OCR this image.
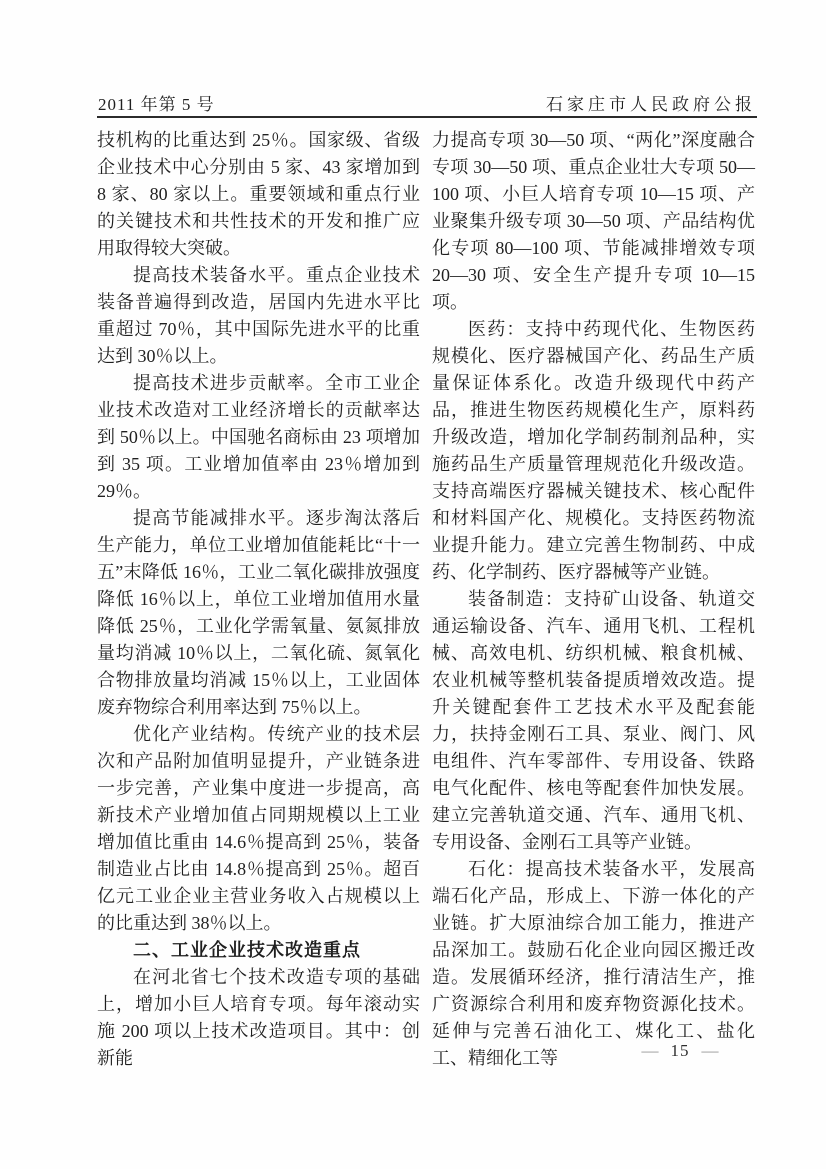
2011 年第 5 号	石家庄市人民政府公报

技机构的比重达到 25％。国家级、省级企业技术中心分别由 5 家、43 家增加到 8 家、80 家以上。重要领域和重点行业的关键技术和共性技术的开发和推广应用取得较大突破。

提高技术装备水平。重点企业技术装备普遍得到改造，居国内先进水平比重超过 70％，其中国际先进水平的比重达到 30％以上。

提高技术进步贡献率。全市工业企业技术改造对工业经济增长的贡献率达到 50％以上。中国驰名商标由 23 项增加到 35 项。工业增加值率由 23％增加到 29％。

提高节能减排水平。逐步淘汰落后生产能力，单位工业增加值能耗比“十一五”末降低 16％，工业二氧化碳排放强度降低 16％以上，单位工业增加值用水量降低 25％，工业化学需氧量、氨氮排放量均消减 10％以上，二氧化硫、氮氧化合物排放量均消减 15％以上，工业固体废弃物综合利用率达到 75％以上。

优化产业结构。传统产业的技术层次和产品附加值明显提升，产业链条进一步完善，产业集中度进一步提高，高新技术产业增加值占同期规模以上工业增加值比重由 14.6％提高到 25％，装备制造业占比由 14.8％提高到 25％。超百亿元工业企业主营业务收入占规模以上的比重达到 38％以上。

二、工业企业技术改造重点

在河北省七个技术改造专项的基础上，增加小巨人培育专项。每年滚动实施 200 项以上技术改造项目。其中：创新能

力提高专项 30—50 项、“两化”深度融合专项 30—50 项、重点企业壮大专项 50—100 项、小巨人培育专项 10—15 项、产业聚集升级专项 30—50 项、产品结构优化专项 80—100 项、节能减排增效专项 20—30 项、安全生产提升专项 10—15 项。

医药：支持中药现代化、生物医药规模化、医疗器械国产化、药品生产质量保证体系化。改造升级现代中药产品，推进生物医药规模化生产，原料药升级改造，增加化学制药制剂品种，实施药品生产质量管理规范化升级改造。支持高端医疗器械关键技术、核心配件和材料国产化、规模化。支持医药物流业提升能力。建立完善生物制药、中成药、化学制药、医疗器械等产业链。

装备制造：支持矿山设备、轨道交通运输设备、汽车、通用飞机、工程机械、高效电机、纺织机械、粮食机械、农业机械等整机装备提质增效改造。提升关键配套件工艺技术水平及配套能力，扶持金刚石工具、泵业、阀门、风电组件、汽车零部件、专用设备、铁路电气化配件、核电等配套件加快发展。建立完善轨道交通、汽车、通用飞机、专用设备、金刚石工具等产业链。

石化：提高技术装备水平，发展高端石化产品，形成上、下游一体化的产业链。扩大原油综合加工能力，推进产品深加工。鼓励石化企业向园区搬迁改造。发展循环经济，推行清洁生产，推广资源综合利用和废弃物资源化技术。延伸与完善石油化工、煤化工、盐化工、精细化工等	— 15 —
